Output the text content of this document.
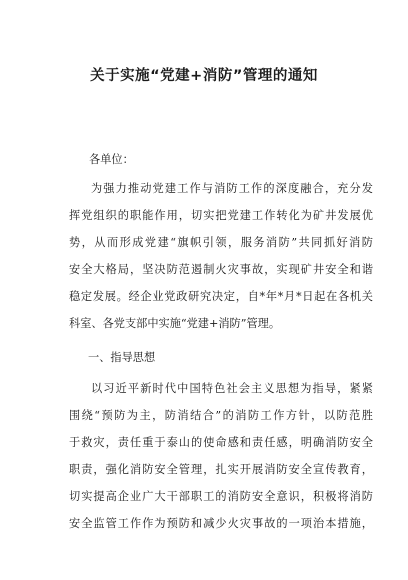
关于实施“党建+消防”管理的通知
各单位：
为强力推动党建工作与消防工作的深度融合，充分发
挥党组织的职能作用，切实把党建工作转化为矿井发展优
势，从而形成党建“旗帜引领，服务消防”共同抓好消防
安全大格局，坚决防范遏制火灾事故，实现矿井安全和谐
稳定发展。经企业党政研究决定，自*年*月*日起在各机关
科室、各党支部中实施“党建+消防”管理。
一、指导思想
以习近平新时代中国特色社会主义思想为指导，紧紧
围绕“预防为主，防消结合”的消防工作方针，以防范胜
于救灾，责任重于泰山的使命感和责任感，明确消防安全
职责，强化消防安全管理，扎实开展消防安全宣传教育，
切实提高企业广大干部职工的消防安全意识，积极将消防
安全监管工作作为预防和减少火灾事故的一项治本措施，
